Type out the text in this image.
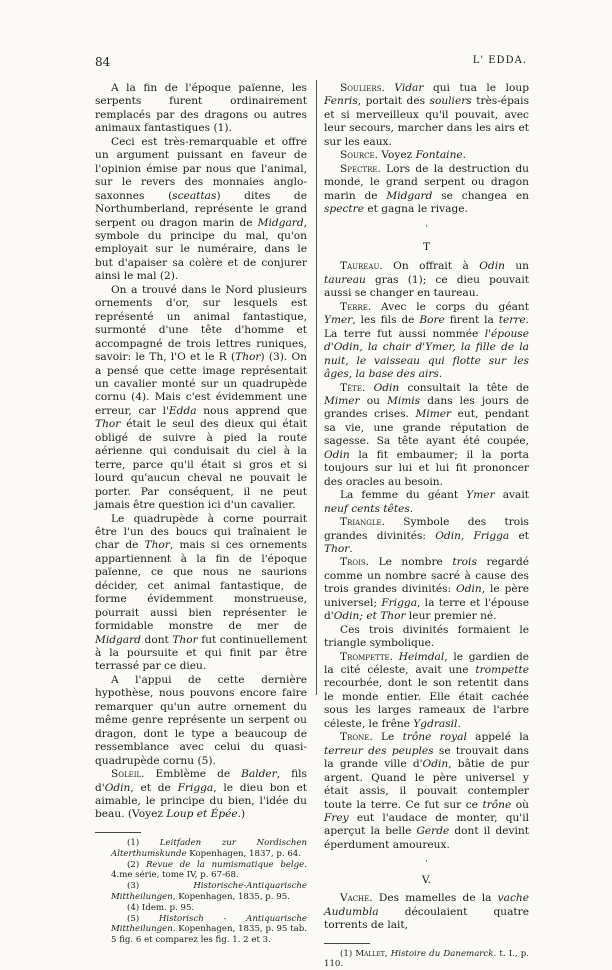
84	L' EDDA.

A la fin de l'époque païenne, les serpents furent ordinairement remplacés par des dragons ou autres animaux fantastiques (1).

Ceci est très-remarquable et offre un argument puissant en faveur de l'opinion émise par nous que l'animal, sur le revers des monnaies anglo-saxonnes (sceattas) dites de Northumberland, représente le grand serpent ou dragon marin de Midgard, symbole du principe du mal, qu'on employait sur le numéraire, dans le but d'apaiser sa colère et de conjurer ainsi le mal (2).

On a trouvé dans le Nord plusieurs ornements d'or, sur lesquels est représenté un animal fantastique, surmonté d'une tête d'homme et accompagné de trois lettres runiques, savoir: le Th, l'O et le R (Thor) (3). On a pensé que cette image représentait un cavalier monté sur un quadrupède cornu (4). Mais c'est évidemment une erreur, car l'Edda nous apprend que Thor était le seul des dieux qui était obligé de suivre à pied la route aérienne qui conduisait du ciel à la terre, parce qu'il était si gros et si lourd qu'aucun cheval ne pouvait le porter. Par conséquent, il ne peut jamais être question ici d'un cavalier.

Le quadrupède à corne pourrait être l'un des boucs qui traînaient le char de Thor, mais si ces ornements appartiennent à la fin de l'époque païenne, ce que nous ne saurions décider, cet animal fantastique, de forme évidemment monstrueuse, pourrait aussi bien représenter le formidable monstre de mer de Midgard dont Thor fut continuellement à la poursuite et qui finit par être terrassé par ce dieu.

A l'appui de cette dernière hypothèse, nous pouvons encore faire remarquer qu'un autre ornement du même genre représente un serpent ou dragon, dont le type a beaucoup de ressemblance avec celui du quasi-quadrupède cornu (5).

Soleil. Emblème de Balder, fils d'Odin, et de Frigga, le dieu bon et aimable, le principe du bien, l'idée du beau. (Voyez Loup et Épée.)

(1) Leitfaden zur Nordischen Alterthumskunde Kopenhagen, 1837, p. 64.

(2) Revue de la numismatique belge. 4.me série, tome IV, p. 67-68.

(3)	Historische-Antiquarische Mittheilungen, Kopenhagen, 1835, p. 95.

(4) Idem. p. 95.

(5) Historisch - Antiquarische Mittheilungen. Kopenhagen, 1835, p. 95 tab. 5 fig. 6 et comparez les fig. 1. 2 et 3.

Souliers. Vidar qui tua le loup Fenris, portait des souliers très-épais et si merveilleux qu'il pouvait, avec leur secours, marcher dans les airs et sur les eaux.

Source. Voyez Fontaine.

Spectre. Lors de la destruction du monde, le grand serpent ou dragon marin de Midgard se changea en spectre et gagna le rivage.

·
T

Taureau. On offrait à Odin un taureau gras (1); ce dieu pouvait aussi se changer en taureau.

Terre. Avec le corps du géant Ymer, les fils de Bore firent la terre. La terre fut aussi nommée l'épouse d'Odin, la chair d'Ymer, la fille de la nuit, le vaisseau qui flotte sur les âges, la base des airs.

Tête. Odin consultait la tête de Mimer ou Mimis dans les jours de grandes crises. Mimer eut, pendant sa vie, une grande réputation de sagesse. Sa tête ayant été coupée, Odin la fit embaumer; il la porta toujours sur lui et lui fit prononcer des oracles au besoin.

La femme du géant Ymer avait neuf cents têtes.

Triangle. Symbole des trois grandes divinités: Odin, Frigga et Thor.

Trois. Le nombre trois regardé comme un nombre sacré à cause des trois grandes divinités: Odin, le père universel; Frigga, la terre et l'épouse d'Odin; et Thor leur premier né.

Ces trois divinités formaient le triangle symbolique.

Trompette. Heimdal, le gardien de la cité céleste, avait une trompette recourbée, dont le son retentit dans le monde entier. Elle était cachée sous les larges rameaux de l'arbre céleste, le frêne Ygdrasil.

Trone. Le trône royal appelé la terreur des peuples se trouvait dans la grande ville d'Odin, bâtie de pur argent. Quand le père universel y était assis, il pouvait contempler toute la terre. Ce fut sur ce trône où Frey eut l'audace de monter, qu'il aperçut la belle Gerde dont il devint éperdument amoureux.

·
V.

Vache. Des mamelles de la vache Audumbla découlaient quatre torrents de lait,

(1) Mallet, Histoire du Danemarck. t. I., p. 110.
